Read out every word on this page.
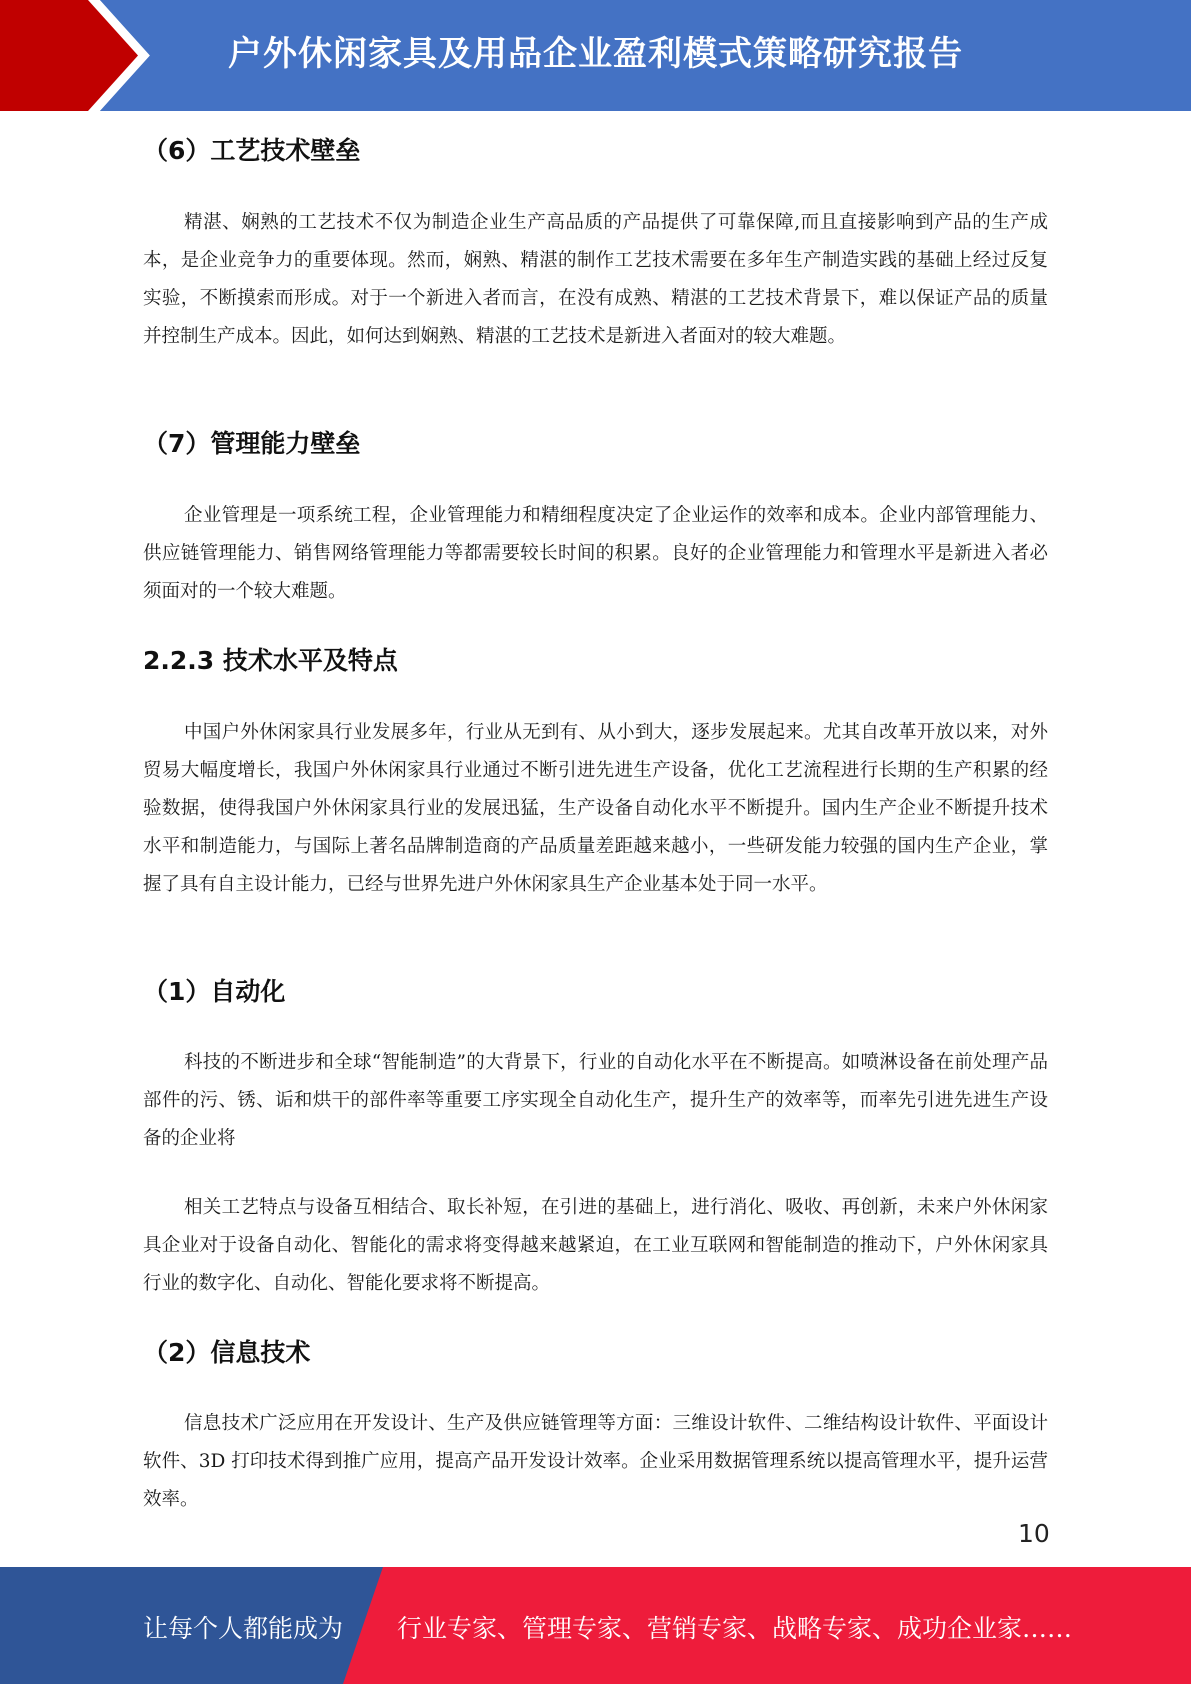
户外休闲家具及用品企业盈利模式策略研究报告
（6）工艺技术壁垒
精湛、娴熟的工艺技术不仅为制造企业生产高品质的产品提供了可靠保障,而且直接影响到产品的生产成本，是企业竞争力的重要体现。然而，娴熟、精湛的制作工艺技术需要在多年生产制造实践的基础上经过反复实验，不断摸索而形成。对于一个新进入者而言，在没有成熟、精湛的工艺技术背景下，难以保证产品的质量并控制生产成本。因此，如何达到娴熟、精湛的工艺技术是新进入者面对的较大难题。
（7）管理能力壁垒
企业管理是一项系统工程，企业管理能力和精细程度决定了企业运作的效率和成本。企业内部管理能力、供应链管理能力、销售网络管理能力等都需要较长时间的积累。良好的企业管理能力和管理水平是新进入者必须面对的一个较大难题。
2.2.3 技术水平及特点
中国户外休闲家具行业发展多年，行业从无到有、从小到大，逐步发展起来。尤其自改革开放以来，对外贸易大幅度增长，我国户外休闲家具行业通过不断引进先进生产设备，优化工艺流程进行长期的生产积累的经验数据，使得我国户外休闲家具行业的发展迅猛，生产设备自动化水平不断提升。国内生产企业不断提升技术水平和制造能力，与国际上著名品牌制造商的产品质量差距越来越小，一些研发能力较强的国内生产企业，掌握了具有自主设计能力，已经与世界先进户外休闲家具生产企业基本处于同一水平。
（1）自动化
科技的不断进步和全球“智能制造”的大背景下，行业的自动化水平在不断提高。如喷淋设备在前处理产品部件的污、锈、诟和烘干的部件率等重要工序实现全自动化生产，提升生产的效率等，而率先引进先进生产设备的企业将
相关工艺特点与设备互相结合、取长补短，在引进的基础上，进行消化、吸收、再创新，未来户外休闲家具企业对于设备自动化、智能化的需求将变得越来越紧迫，在工业互联网和智能制造的推动下，户外休闲家具行业的数字化、自动化、智能化要求将不断提高。
（2）信息技术
信息技术广泛应用在开发设计、生产及供应链管理等方面：三维设计软件、二维结构设计软件、平面设计软件、3D 打印技术得到推广应用，提高产品开发设计效率。企业采用数据管理系统以提高管理水平，提升运营效率。
10
让每个人都能成为 行业专家、管理专家、营销专家、战略专家、成功企业家……
